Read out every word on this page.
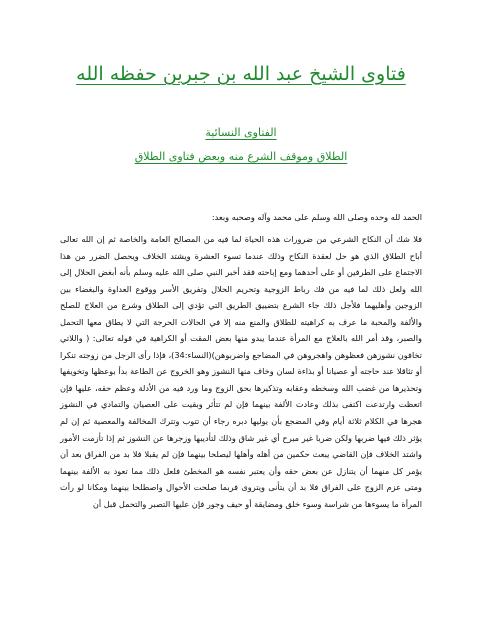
فتاوى الشيخ عبد الله بن جبرين حفظه الله
الفتاوى النسائية
الطلاق وموقف الشرع منه وبعض فتاوى الطلاق
الحمد لله وحده وصلى الله وسلم على محمد وآله وصحبه وبعد:

فلا شك أن النكاح الشرعي من ضرورات هذه الحياة لما فيه من المصالح العامة والخاصة ثم إن الله تعالى أباح الطلاق الذي هو حل لعقدة النكاح وذلك عندما تسوء العشرة ويشتد الخلاف ويحصل الضرر من هذا الاجتماع على الطرفين أو على أحدهما ومع إباحته فقد أخبر النبي صلى الله عليه وسلم بأنه أبغض الحلال إلى الله ولعل ذلك لما فيه من فك رباط الزوجية وتحريم الحلال وتفريق الأسر ووقوع العداوة والبغضاء بين الزوجين وأهليهما فلأجل ذلك جاء الشرع بتضييق الطريق التي تؤدي إلى الطلاق وشرع من العلاج للصلح والألفة والمحبة ما عرف به كراهيته للطلاق والمنع منه إلا في الحالات الحرجة التي لا يطاق معها التحمل والصبر، وقد أمر الله بالعلاج مع المرأة عندما يبدو منها بعض المقت أو الكراهية في قوله تعالى: ( واللاتي تخافون نشوزهن فعظوهن واهجروهن في المضاجع واضربوهن)(النساء:34)، فإذا رأى الرجل من زوجته تنكرا أو تثاقلا عند حاجته أو عصيانا أو بذاءة لسان وخاف منها النشوز وهو الخروج عن الطاعة بدأ بوعظها وتخويفها وتحذيرها من غضب الله وسخطه وعقابه وتذكيرها بحق الزوج وما ورد فيه من الأدلة وعظم حقه، عليها فإن اتعظت وارتدعت اكتفى بذلك وعادت الألفة بينهما فإن لم تتأثر وبقيت على العصيان والتمادي في النشوز هجرها في الكلام ثلاثة أيام وفي المضجع بأن يوليها دبره رجاء أن تتوب وتترك المخالفة والمعصية ثم إن لم يؤثر ذلك فيها ضربها ولكن ضربا غير مبرح أي غير شاق وذلك لتأديبها وزجرها عن النشوز ثم إذا تأزمت الأمور واشتد الخلاف فإن القاضي يبعث حكمين من أهله وأهلها ليصلحا بينهما فإن لم يقبلا فلا بد من الفراق بعد أن يؤمر كل منهما أن يتنازل عن بعض حقه وأن يعتبر نفسه هو المخطئ فلعل ذلك مما تعود به الألفة بينهما ومتى عزم الزوج على الفراق فلا بد أن يتأنى ويتروى فربما صلحت الأحوال واصطلحا بينهما ومكانا لو رأت المرأة ما يسوءها من شراسة وسوء خلق ومضايقة أو حيف وجور فإن عليها التصبر والتحمل قبل أن
